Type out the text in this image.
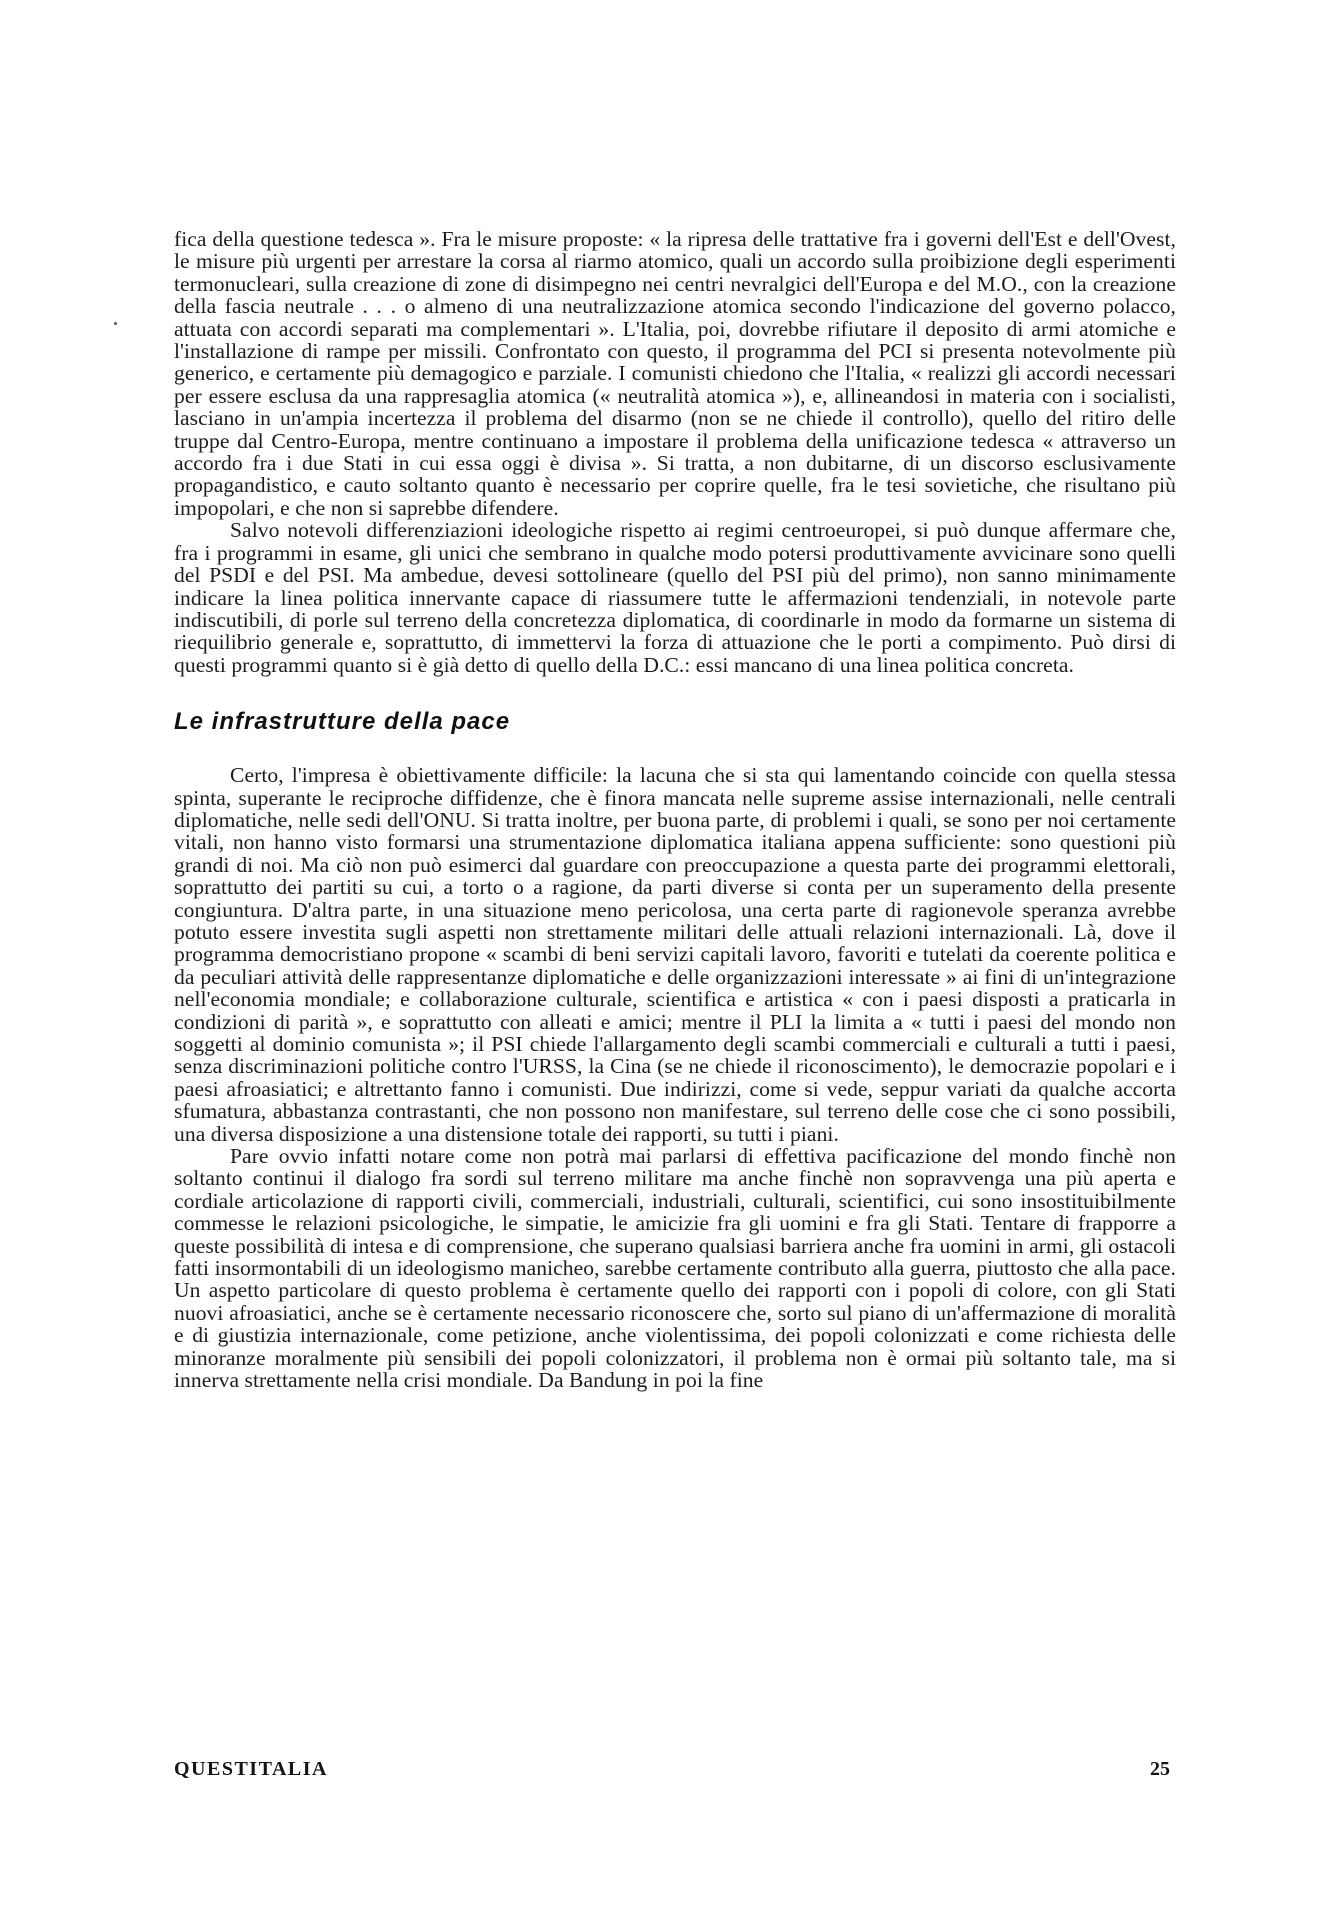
fica della questione tedesca ». Fra le misure proposte: « la ripresa delle trattative fra i governi dell'Est e dell'Ovest, le misure più urgenti per arrestare la corsa al riarmo atomico, quali un accordo sulla proibizione degli esperimenti termonucleari, sulla creazione di zone di disimpegno nei centri nevralgici dell'Europa e del M.O., con la creazione della fascia neutrale . . . o almeno di una neutralizzazione atomica secondo l'indicazione del governo polacco, attuata con accordi separati ma complementari ». L'Italia, poi, dovrebbe rifiutare il deposito di armi atomiche e l'installazione di rampe per missili. Confrontato con questo, il programma del PCI si presenta notevolmente più generico, e certamente più demagogico e parziale. I comunisti chiedono che l'Italia, « realizzi gli accordi necessari per essere esclusa da una rappresaglia atomica (« neutralità atomica »), e, allineandosi in materia con i socialisti, lasciano in un'ampia incertezza il problema del disarmo (non se ne chiede il controllo), quello del ritiro delle truppe dal Centro-Europa, mentre continuano a impostare il problema della unificazione tedesca « attraverso un accordo fra i due Stati in cui essa oggi è divisa ». Si tratta, a non dubitarne, di un discorso esclusivamente propagandistico, e cauto soltanto quanto è necessario per coprire quelle, fra le tesi sovietiche, che risultano più impopolari, e che non si saprebbe difendere.

Salvo notevoli differenziazioni ideologiche rispetto ai regimi centroeuropei, si può dunque affermare che, fra i programmi in esame, gli unici che sembrano in qualche modo potersi produttivamente avvicinare sono quelli del PSDI e del PSI. Ma ambedue, devesi sottolineare (quello del PSI più del primo), non sanno minimamente indicare la linea politica innervante capace di riassumere tutte le affermazioni tendenziali, in notevole parte indiscutibili, di porle sul terreno della concretezza diplomatica, di coordinarle in modo da formarne un sistema di riequilibrio generale e, soprattutto, di immettervi la forza di attuazione che le porti a compimento. Può dirsi di questi programmi quanto si è già detto di quello della D.C.: essi mancano di una linea politica concreta.

Le infrastrutture della pace

Certo, l'impresa è obiettivamente difficile: la lacuna che si sta qui lamentando coincide con quella stessa spinta, superante le reciproche diffidenze, che è finora mancata nelle supreme assise internazionali, nelle centrali diplomatiche, nelle sedi dell'ONU. Si tratta inoltre, per buona parte, di problemi i quali, se sono per noi certamente vitali, non hanno visto formarsi una strumentazione diplomatica italiana appena sufficiente: sono questioni più grandi di noi. Ma ciò non può esimerci dal guardare con preoccupazione a questa parte dei programmi elettorali, soprattutto dei partiti su cui, a torto o a ragione, da parti diverse si conta per un superamento della presente congiuntura. D'altra parte, in una situazione meno pericolosa, una certa parte di ragionevole speranza avrebbe potuto essere investita sugli aspetti non strettamente militari delle attuali relazioni internazionali. Là, dove il programma democristiano propone « scambi di beni servizi capitali lavoro, favoriti e tutelati da coerente politica e da peculiari attività delle rappresentanze diplomatiche e delle organizzazioni interessate » ai fini di un'integrazione nell'economia mondiale; e collaborazione culturale, scientifica e artistica « con i paesi disposti a praticarla in condizioni di parità », e soprattutto con alleati e amici; mentre il PLI la limita a « tutti i paesi del mondo non soggetti al dominio comunista »; il PSI chiede l'allargamento degli scambi commerciali e culturali a tutti i paesi, senza discriminazioni politiche contro l'URSS, la Cina (se ne chiede il riconoscimento), le democrazie popolari e i paesi afroasiatici; e altrettanto fanno i comunisti. Due indirizzi, come si vede, seppur variati da qualche accorta sfumatura, abbastanza contrastanti, che non possono non manifestare, sul terreno delle cose che ci sono possibili, una diversa disposizione a una distensione totale dei rapporti, su tutti i piani.

Pare ovvio infatti notare come non potrà mai parlarsi di effettiva pacificazione del mondo finchè non soltanto continui il dialogo fra sordi sul terreno militare ma anche finchè non sopravvenga una più aperta e cordiale articolazione di rapporti civili, commerciali, industriali, culturali, scientifici, cui sono insostituibilmente commesse le relazioni psicologiche, le simpatie, le amicizie fra gli uomini e fra gli Stati. Tentare di frapporre a queste possibilità di intesa e di comprensione, che superano qualsiasi barriera anche fra uomini in armi, gli ostacoli fatti insormontabili di un ideologismo manicheo, sarebbe certamente contributo alla guerra, piuttosto che alla pace. Un aspetto particolare di questo problema è certamente quello dei rapporti con i popoli di colore, con gli Stati nuovi afroasiatici, anche se è certamente necessario riconoscere che, sorto sul piano di un'affermazione di moralità e di giustizia internazionale, come petizione, anche violentissima, dei popoli colonizzati e come richiesta delle minoranze moralmente più sensibili dei popoli colonizzatori, il problema non è ormai più soltanto tale, ma si innerva strettamente nella crisi mondiale. Da Bandung in poi la fine

QUESTITALIA	25
